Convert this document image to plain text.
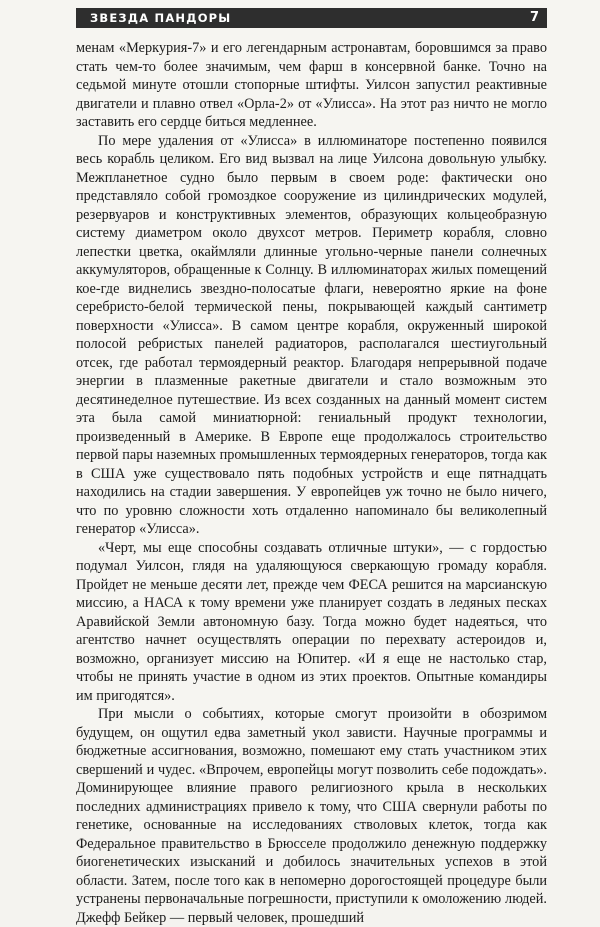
ЗВЕЗДА ПАНДОРЫ	7

менам «Меркурия-7» и его легендарным астронавтам, боровшимся за право стать чем-то более значимым, чем фарш в консервной банке. Точно на седьмой минуте отошли стопорные штифты. Уилсон запустил реактивные двигатели и плавно отвел «Орла-2» от «Улисса». На этот раз ничто не могло заставить его сердце биться медленнее.

По мере удаления от «Улисса» в иллюминаторе постепенно появился весь корабль целиком. Его вид вызвал на лице Уилсона довольную улыбку. Межпланетное судно было первым в своем роде: фактически оно представляло собой громоздкое сооружение из цилиндрических модулей, резервуаров и конструктивных элементов, образующих кольцеобразную систему диаметром около двухсот метров. Периметр корабля, словно лепестки цветка, окаймляли длинные угольно-черные панели солнечных аккумуляторов, обращенные к Солнцу. В иллюминаторах жилых помещений кое-где виднелись звездно-полосатые флаги, невероятно яркие на фоне серебристо-белой термической пены, покрывающей каждый сантиметр поверхности «Улисса». В самом центре корабля, окруженный широкой полосой ребристых панелей радиаторов, располагался шестиугольный отсек, где работал термоядерный реактор. Благодаря непрерывной подаче энергии в плазменные ракетные двигатели и стало возможным это десятинеделное путешествие. Из всех созданных на данный момент систем эта была самой миниатюрной: гениальный продукт технологии, произведенный в Америке. В Европе еще продолжалось строительство первой пары наземных промышленных термоядерных генераторов, тогда как в США уже существовало пять подобных устройств и еще пятнадцать находились на стадии завершения. У европейцев уж точно не было ничего, что по уровню сложности хоть отдаленно напоминало бы великолепный генератор «Улисса».

«Черт, мы еще способны создавать отличные штуки», — с гордостью подумал Уилсон, глядя на удаляющуюся сверкающую громаду корабля. Пройдет не меньше десяти лет, прежде чем ФЕСА решится на марсианскую миссию, а НАСА к тому времени уже планирует создать в ледяных песках Аравийской Земли автономную базу. Тогда можно будет надеяться, что агентство начнет осуществлять операции по перехвату астероидов и, возможно, организует миссию на Юпитер. «И я еще не настолько стар, чтобы не принять участие в одном из этих проектов. Опытные командиры им пригодятся».

При мысли о событиях, которые смогут произойти в обозримом будущем, он ощутил едва заметный укол зависти. Научные программы и бюджетные ассигнования, возможно, помешают ему стать участником этих свершений и чудес. «Впрочем, европейцы могут позволить себе подождать». Доминирующее влияние правого религиозного крыла в нескольких последних администрациях привело к тому, что США свернули работы по генетике, основанные на исследованиях стволовых клеток, тогда как Федеральное правительство в Брюсселе продолжило денежную поддержку биогенетических изысканий и добилось значительных успехов в этой области. Затем, после того как в непомерно дорогостоящей процедуре были устранены первоначальные погрешности, приступили к омоложению людей. Джефф Бейкер — первый человек, прошедший
